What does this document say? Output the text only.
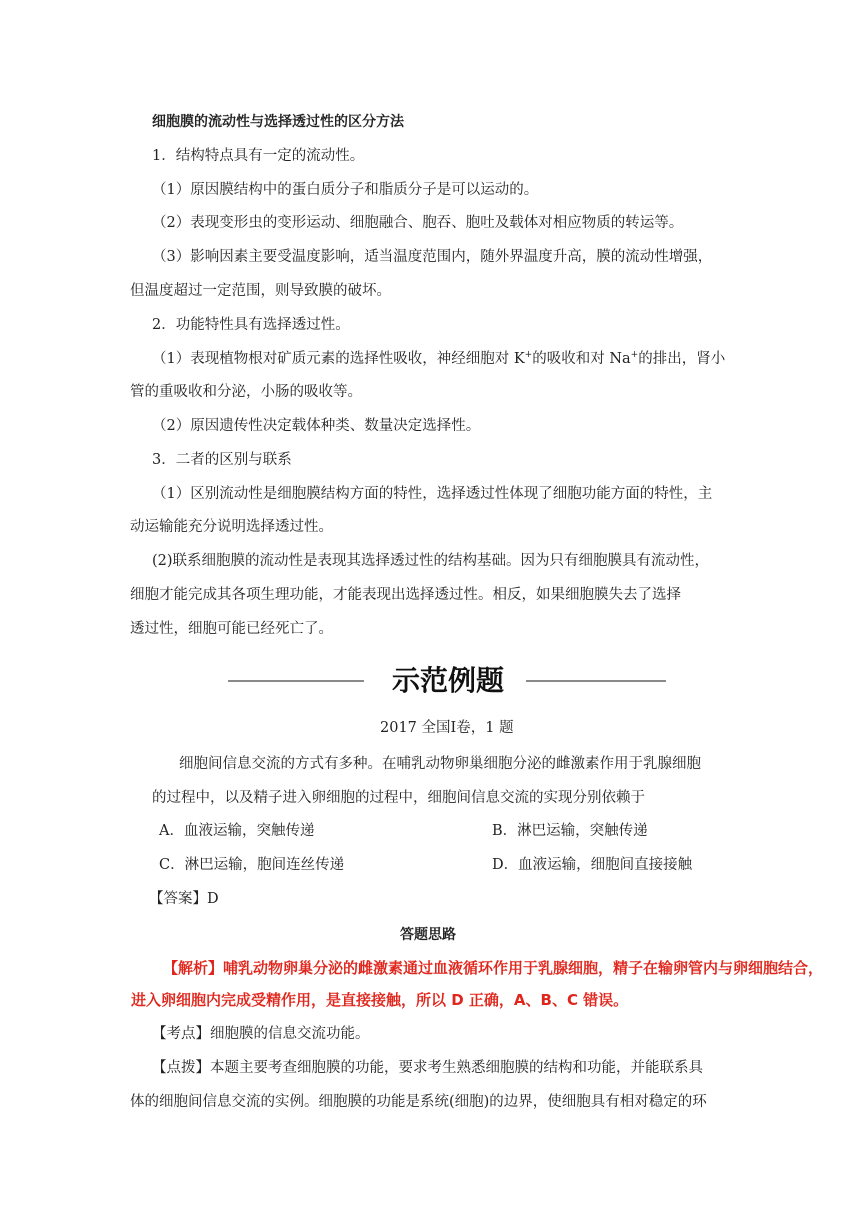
细胞膜的流动性与选择透过性的区分方法
1．结构特点具有一定的流动性。
（1）原因膜结构中的蛋白质分子和脂质分子是可以运动的。
（2）表现变形虫的变形运动、细胞融合、胞吞、胞吐及载体对相应物质的转运等。
（3）影响因素主要受温度影响，适当温度范围内，随外界温度升高，膜的流动性增强，
但温度超过一定范围，则导致膜的破坏。
2．功能特性具有选择透过性。
（1）表现植物根对矿质元素的选择性吸收，神经细胞对 K+的吸收和对 Na+的排出，肾小
管的重吸收和分泌，小肠的吸收等。
（2）原因遗传性决定载体种类、数量决定选择性。
3．二者的区别与联系
（1）区别流动性是细胞膜结构方面的特性，选择透过性体现了细胞功能方面的特性，主
动运输能充分说明选择透过性。
(2)联系细胞膜的流动性是表现其选择透过性的结构基础。因为只有细胞膜具有流动性，
细胞才能完成其各项生理功能，才能表现出选择透过性。相反，如果细胞膜失去了选择
透过性，细胞可能已经死亡了。
示范例题
2017 全国Ⅰ卷，1 题
细胞间信息交流的方式有多种。在哺乳动物卵巢细胞分泌的雌激素作用于乳腺细胞
的过程中，以及精子进入卵细胞的过程中，细胞间信息交流的实现分别依赖于
A．血液运输，突触传递	B．淋巴运输，突触传递
C．淋巴运输，胞间连丝传递	D．血液运输，细胞间直接接触
【答案】D
答题思路
【解析】哺乳动物卵巢分泌的雌激素通过血液循环作用于乳腺细胞，精子在输卵管内与卵细胞结合，
进入卵细胞内完成受精作用，是直接接触，所以 D 正确，A、B、C 错误。
【考点】细胞膜的信息交流功能。
【点拨】本题主要考查细胞膜的功能，要求考生熟悉细胞膜的结构和功能，并能联系具
体的细胞间信息交流的实例。细胞膜的功能是系统(细胞)的边界，使细胞具有相对稳定的环
